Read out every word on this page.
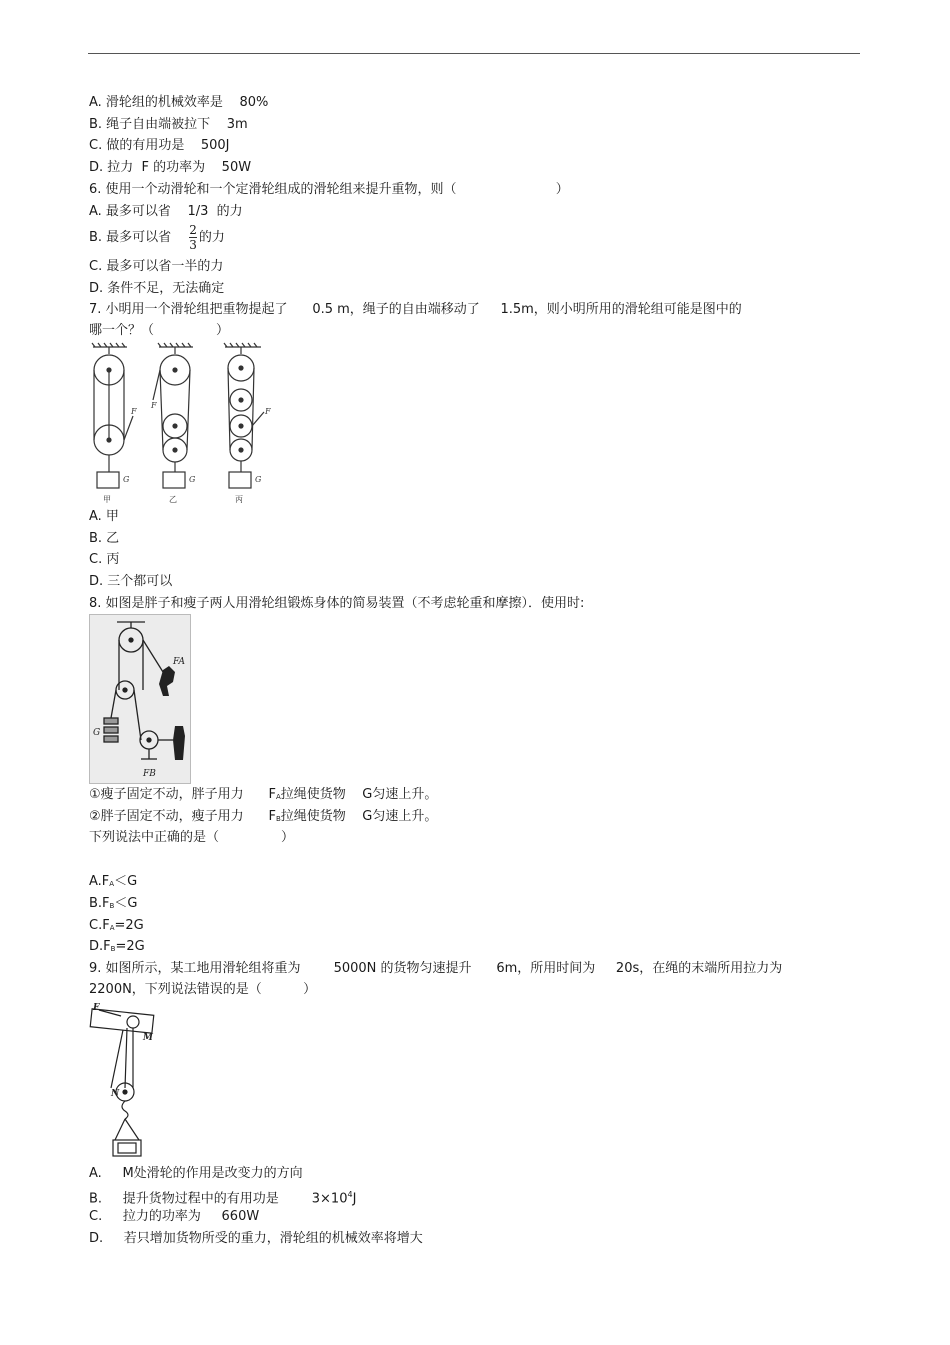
A. 滑轮组的机械效率是    80%
B. 绳子自由端被拉下    3m
C. 做的有用功是    500J
D. 拉力  F 的功率为    50W
6. 使用一个动滑轮和一个定滑轮组成的滑轮组来提升重物，则（                        ）
A. 最多可以省    1/3  的力
B. 最多可以省 $\frac{2}{3}$ 的力
C. 最多可以省一半的力
D. 条件不足，无法确定
7. 小明用一个滑轮组把重物提起了      0.5 m，绳子的自由端移动了     1.5m，则小明所用的滑轮组可能是图中的
哪一个？（               ）
G	G	G
F
F
F
甲	乙	丙
A. 甲
B. 乙
C. 丙
D. 三个都可以
8. 如图是胖子和瘦子两人用滑轮组锻炼身体的简易装置（不考虑轮重和摩擦）．使用时:
FA
G
FB
①瘦子固定不动，胖子用力      $F_A$拉绳使货物    G匀速上升。
②胖子固定不动，瘦子用力      $F_B$拉绳使货物    G匀速上升。
下列说法中正确的是（               ）
$A.F_A<G$
$B.F_B<G$
$C.F_A=2G$
$D.F_B=2G$
9. 如图所示，某工地用滑轮组将重为        5000N 的货物匀速提升      6m，所用时间为     20s，在绳的末端所用拉力为
2200N，下列说法错误的是（          ）
F
M
N
A.     M处滑轮的作用是改变力的方向
B.     提升货物过程中的有用功是        $3\times 10^4J$
C.     拉力的功率为     660W
D.     若只增加货物所受的重力，滑轮组的机械效率将增大
